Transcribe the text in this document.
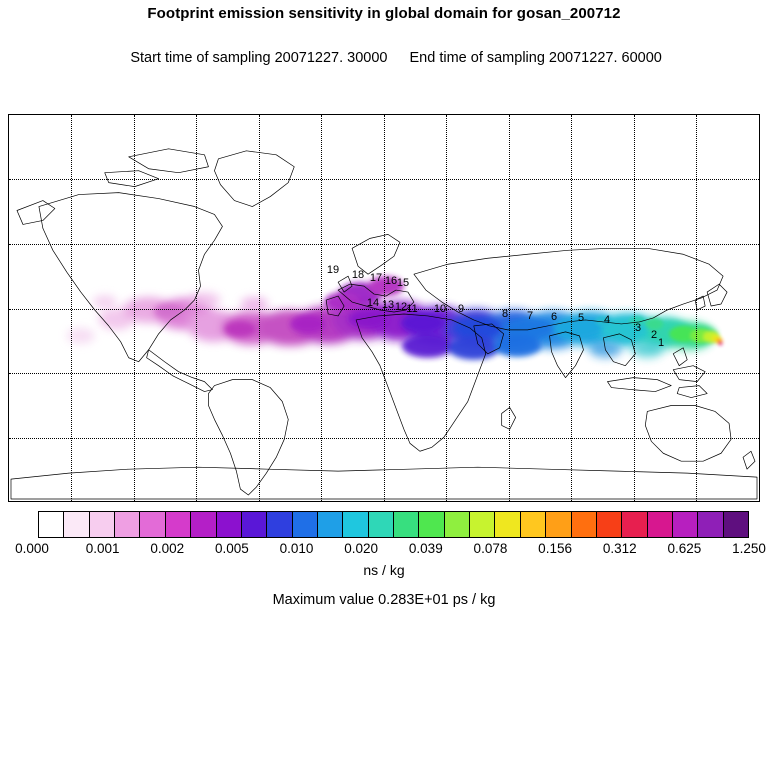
Footprint emission sensitivity in global domain for gosan_200712

Start time of sampling 20071227. 30000 End time of sampling 20071227. 60000

19 18 17 16 15
14 13 12 11 10 9	8 7 6 5 4
3
2
1
0.000	0.001 0.002 0.005 0.010 0.020 0.039 0.078 0.156 0.312 0.625 1.250
ns / kg
Maximum value 0.283E+01 ps / kg
